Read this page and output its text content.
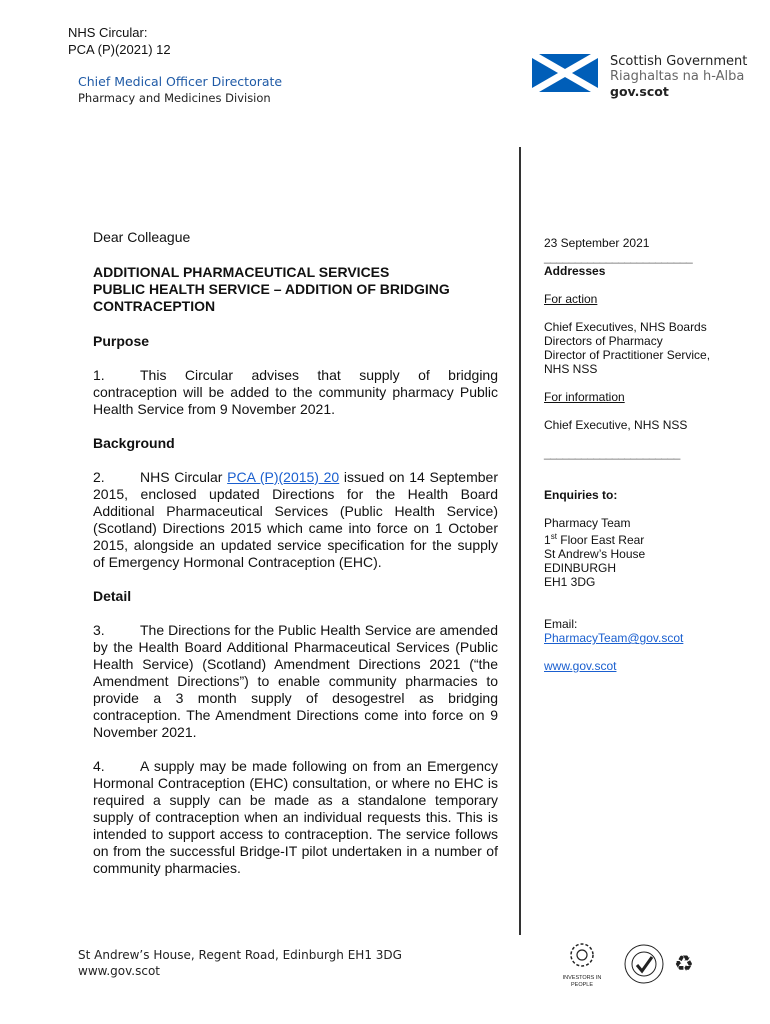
NHS Circular:
PCA (P)(2021) 12
Chief Medical Officer Directorate
Pharmacy and Medicines Division
Scottish Government
Riaghaltas na h-Alba
gov.scot

Dear Colleague

ADDITIONAL PHARMACEUTICAL SERVICES
PUBLIC HEALTH SERVICE – ADDITION OF BRIDGING
CONTRACEPTION

Purpose

1.	This Circular advises that supply of bridging contraception will be added to the community pharmacy Public Health Service from 9 November 2021.

Background

2.	NHS Circular PCA (P)(2015) 20 issued on 14 September 2015, enclosed updated Directions for the Health Board Additional Pharmaceutical Services (Public Health Service) (Scotland) Directions 2015 which came into force on 1 October 2015, alongside an updated service specification for the supply of Emergency Hormonal Contraception (EHC).

Detail

3.	The Directions for the Public Health Service are amended by the Health Board Additional Pharmaceutical Services (Public Health Service) (Scotland) Amendment Directions 2021 (“the Amendment Directions”) to enable community pharmacies to provide a 3 month supply of desogestrel as bridging contraception. The Amendment Directions come into force on 9 November 2021.

4.	A supply may be made following on from an Emergency Hormonal Contraception (EHC) consultation, or where no EHC is required a supply can be made as a standalone temporary supply of contraception when an individual requests this. This is intended to support access to contraception. The service follows on from the successful Bridge-IT pilot undertaken in a number of community pharmacies.

23 September 2021

________________________

Addresses

For action

Chief Executives, NHS Boards

Directors of Pharmacy

Director of Practitioner Service,

NHS NSS

For information

Chief Executive, NHS NSS

______________________

Enquiries to:

Pharmacy Team

1st Floor East Rear

St Andrew’s House

EDINBURGH

EH1 3DG

Email:

PharmacyTeam@gov.scot

www.gov.scot

St Andrew’s House, Regent Road, Edinburgh EH1 3DG
www.gov.scot	INVESTORS IN PEOPLE
♻
